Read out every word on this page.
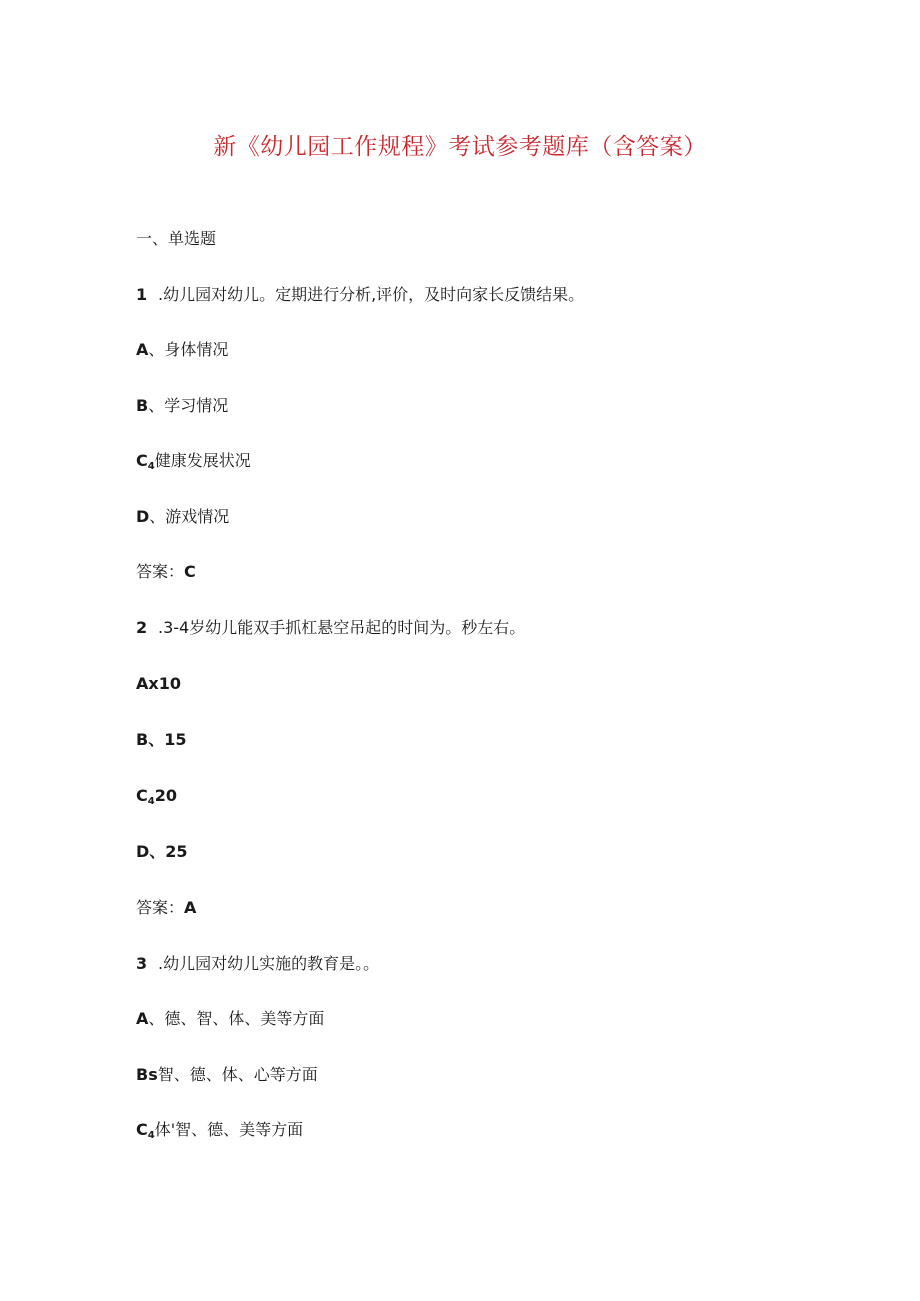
新《幼儿园工作规程》考试参考题库（含答案）
一、单选题
1 .幼儿园对幼儿。定期进行分析,评价，及时向家长反馈结果。
A、身体情况
B、学习情况
$C_4$健康发展状况
D、游戏情况
答案：C
2 .3-4岁幼儿能双手抓杠悬空吊起的时间为。秒左右。
Ax10
B、15
$C_420$
D、25
答案：A
3 .幼儿园对幼儿实施的教育是。。
A、德、智、体、美等方面
Bs智、德、体、心等方面
$C_4$体'智、德、美等方面
